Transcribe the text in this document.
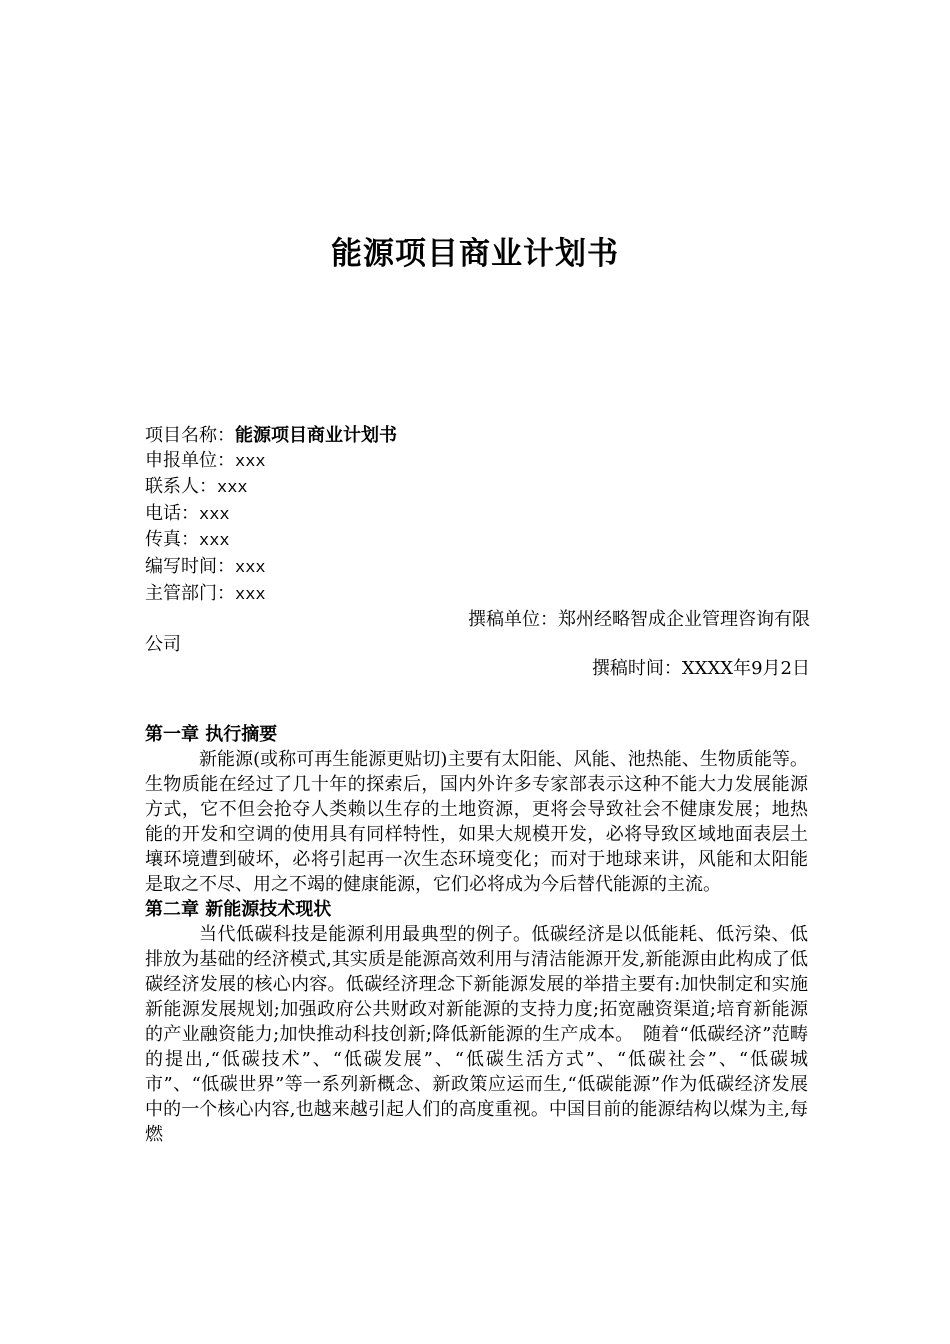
能源项目商业计划书
项目名称：能源项目商业计划书
申报单位：xxx
联系人：xxx
电话：xxx
传真：xxx
编写时间：xxx
主管部门：xxx
撰稿单位：郑州经略智成企业管理咨询有限
公司
撰稿时间：XXXX年9月2日
第一章 执行摘要

新能源(或称可再生能源更贴切)主要有太阳能、风能、池热能、生物质能等。生物质能在经过了几十年的探索后，国内外许多专家部表示这种不能大力发展能源方式，它不但会抢夺人类赖以生存的土地资源，更将会导致社会不健康发展；地热能的开发和空调的使用具有同样特性，如果大规模开发，必将导致区域地面表层土壤环境遭到破坏，必将引起再一次生态环境变化；而对于地球来讲，风能和太阳能是取之不尽、用之不竭的健康能源，它们必将成为今后替代能源的主流。

第二章 新能源技术现状

当代低碳科技是能源利用最典型的例子。低碳经济是以低能耗、低污染、低排放为基础的经济模式,其实质是能源高效利用与清洁能源开发,新能源由此构成了低碳经济发展的核心内容。低碳经济理念下新能源发展的举措主要有:加快制定和实施新能源发展规划;加强政府公共财政对新能源的支持力度;拓宽融资渠道;培育新能源的产业融资能力;加快推动科技创新;降低新能源的生产成本。　随着“低碳经济”范畴的提出,“低碳技术”、“低碳发展”、“低碳生活方式”、“低碳社会”、“低碳城市”、“低碳世界”等一系列新概念、新政策应运而生,“低碳能源”作为低碳经济发展中的一个核心内容,也越来越引起人们的高度重视。中国目前的能源结构以煤为主,每燃
